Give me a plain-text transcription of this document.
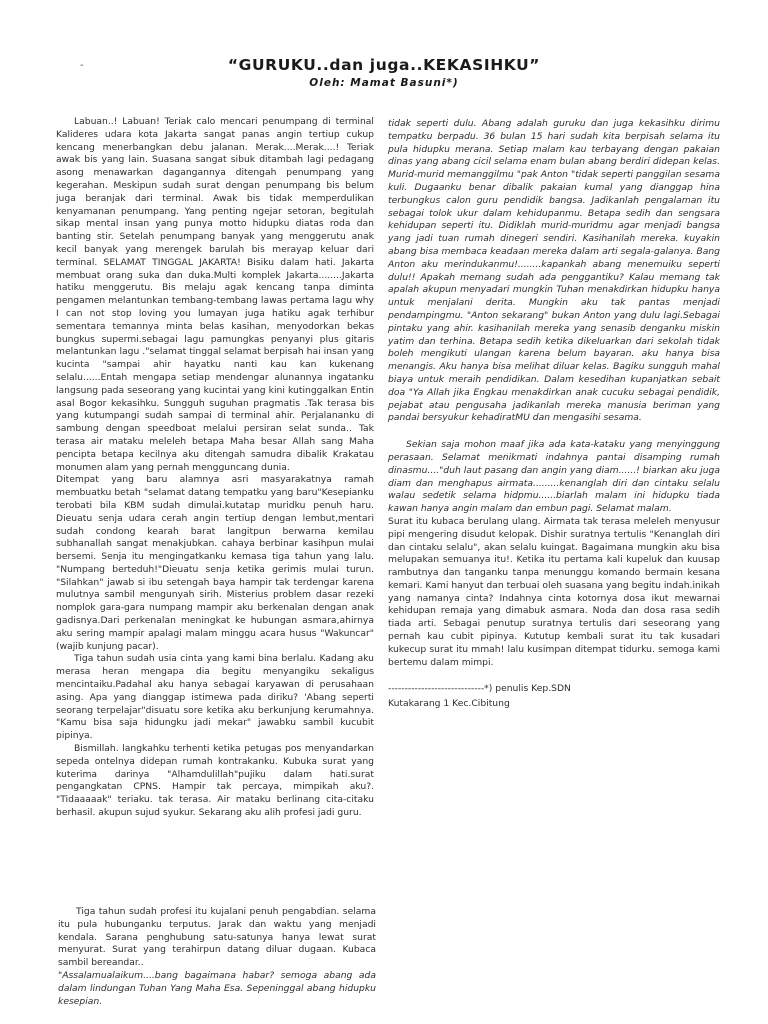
-	“GURUKU..dan juga..KEKASIHKU”
Oleh: Mamat Basuni*)

Labuan..! Labuan! Teriak calo mencari penumpang di terminal Kalideres udara kota Jakarta sangat panas angin tertiup cukup kencang menerbangkan debu jalanan. Merak....Merak....! Teriak awak bis yang lain. Suasana sangat sibuk ditambah lagi pedagang asong menawarkan dagangannya ditengah penumpang yang kegerahan. Meskipun sudah surat dengan penumpang bis belum juga beranjak dari terminal. Awak bis tidak memperdulikan kenyamanan penumpang. Yang penting ngejar setoran, begitulah sikap mental insan yang punya motto hidupku diatas roda dan banting stir. Setelah penumpang banyak yang menggerutu anak kecil banyak yang merengek barulah bis merayap keluar dari terminal. SELAMAT TINGGAL JAKARTA! Bisiku dalam hati. Jakarta membuat orang suka dan duka.Multi komplek Jakarta........Jakarta hatiku menggerutu. Bis melaju agak kencang tanpa diminta pengamen melantunkan tembang-tembang lawas pertama lagu why I can not stop loving you lumayan juga hatiku agak terhibur sementara temannya minta belas kasihan, menyodorkan bekas bungkus supermi.sebagai lagu pamungkas penyanyi plus gitaris melantunkan lagu ."selamat tinggal selamat berpisah hai insan yang kucinta "sampai ahir hayatku nanti kau kan kukenang selalu......Entah mengapa setiap mendengar alunannya ingatanku langsung pada seseorang yang kucintai yang kini kutinggalkan Entin asal Bogor kekasihku. Sungguh suguhan pragmatis .Tak terasa bis yang kutumpangi sudah sampai di terminal ahir. Perjalananku di sambung dengan speedboat melalui persiran selat sunda.. Tak terasa air mataku meleleh betapa Maha besar Allah sang Maha pencipta betapa kecilnya aku ditengah samudra dibalik Krakatau monumen alam yang pernah mengguncang dunia.

Ditempat yang baru alamnya asri masyarakatnya ramah membuatku betah "selamat datang tempatku yang baru"Kesepianku terobati bila KBM sudah dimulai.kutatap muridku penuh haru. Dieuatu senja udara cerah angin tertiup dengan lembut,mentari sudah condong kearah barat langitpun berwarna kemilau subhanallah sangat menakjubkan. cahaya berbinar kasihpun mulai bersemi. Senja itu mengingatkanku kemasa tiga tahun yang lalu. "Numpang berteduh!"Dieuatu senja ketika gerimis mulai turun. "Silahkan" jawab si ibu setengah baya hampir tak terdengar karena mulutnya sambil mengunyah sirih. Misterius problem dasar rezeki nomplok gara-gara numpang mampir aku berkenalan dengan anak gadisnya.Dari perkenalan meningkat ke hubungan asmara,ahirnya aku sering mampir apalagi malam minggu acara husus "Wakuncar"(wajib kunjung pacar).

Tiga tahun sudah usia cinta yang kami bina berlalu. Kadang aku merasa heran mengapa dia begitu menyangiku sekaligus mencintaiku.Padahal aku hanya sebagai karyawan di perusahaan asing. Apa yang dianggap istimewa pada diriku? 'Abang seperti seorang terpelajar"disuatu sore ketika aku berkunjung kerumahnya. "Kamu bisa saja hidungku jadi mekar" jawabku sambil kucubit pipinya.

Bismillah. langkahku terhenti ketika petugas pos menyandarkan sepeda ontelnya didepan rumah kontrakanku. Kubuka surat yang kuterima darinya "Alhamdulillah"pujiku dalam hati.surat pengangkatan CPNS. Hampir tak percaya, mimpikah aku?. "Tidaaaaak" teriaku. tak terasa. Air mataku berlinang cita-citaku berhasil. akupun sujud syukur. Sekarang aku alih profesi jadi guru.

Tiga tahun sudah profesi itu kujalani penuh pengabdian. selama itu pula hubunganku terputus. Jarak dan waktu yang menjadi kendala. Sarana penghubung satu-satunya hanya lewat surat menyurat. Surat yang terahirpun datang diluar dugaan. Kubaca sambil bereandar..

"Assalamualaikum....bang bagaimana habar? semoga abang ada dalam lindungan Tuhan Yang Maha Esa. Sepeninggal abang hidupku kesepian.

tidak seperti dulu. Abang adalah guruku dan juga kekasihku dirimu tempatku berpadu. 36 bulan 15 hari sudah kita berpisah selama itu pula hidupku merana. Setiap malam kau terbayang dengan pakaian dinas yang abang cicil selama enam bulan abang berdiri didepan kelas. Murid-murid memanggilmu "pak Anton "tidak seperti panggilan sesama kuli. Dugaanku benar dibalik pakaian kumal yang dianggap hina terbungkus calon guru pendidik bangsa. Jadikanlah pengalaman itu sebagai tolok ukur dalam kehidupanmu. Betapa sedih dan sengsara kehidupan seperti itu. Didiklah murid-muridmu agar menjadi bangsa yang jadi tuan rumah dinegeri sendiri. Kasihanilah mereka. kuyakin abang bisa membaca keadaan mereka dalam arti segala-galanya. Bang Anton aku merindukanmu!........kapankah abang menemuiku seperti dulu!! Apakah memang sudah ada penggantiku? Kalau memang tak apalah akupun menyadari mungkin Tuhan menakdirkan hidupku hanya untuk menjalani derita. Mungkin aku tak pantas menjadi pendampingmu. "Anton sekarang" bukan Anton yang dulu lagi.Sebagai pintaku yang ahir. kasihanilah mereka yang senasib denganku miskin yatim dan terhina. Betapa sedih ketika dikeluarkan dari sekolah tidak boleh mengikuti ulangan karena belum bayaran. aku hanya bisa menangis. Aku hanya bisa melihat diluar kelas. Bagiku sungguh mahal biaya untuk meraih pendidikan. Dalam kesedihan kupanjatkan sebait doa "Ya Allah jika Engkau menakdirkan anak cucuku sebagai pendidik, pejabat atau pengusaha jadikanlah mereka manusia beriman yang pandai bersyukur kehadiratMU dan mengasihi sesama.

Sekian saja mohon maaf jika ada kata-kataku yang menyinggung perasaan. Selamat menikmati indahnya pantai disamping rumah dinasmu...."duh laut pasang dan angin yang diam......! biarkan aku juga diam dan menghapus airmata.........kenanglah diri dan cintaku selalu walau sedetik selama hidpmu......biarlah malam ini hidupku tiada kawan hanya angin malam dan embun pagi. Selamat malam.

Surat itu kubaca berulang ulang. Airmata tak terasa meleleh menyusur pipi mengering disudut kelopak. Dishir suratnya tertulis "Kenanglah diri dan cintaku selalu", akan selalu kuingat. Bagaimana mungkin aku bisa melupakan semuanya itu!. Ketika itu pertama kali kupeluk dan kuusap rambutnya dan tanganku tanpa menunggu komando bermain kesana kemari. Kami hanyut dan terbuai oleh suasana yang begitu indah.inikah yang namanya cinta? Indahnya cinta kotornya dosa ikut mewarnai kehidupan remaja yang dimabuk asmara. Noda dan dosa rasa sedih tiada arti. Sebagai penutup suratnya tertulis dari seseorang yang pernah kau cubit pipinya. Kututup kembali surat itu tak kusadari kukecup surat itu mmah! lalu kusimpan ditempat tidurku. semoga kami bertemu dalam mimpi.

-----------------------------*) penulis Kep.SDN

Kutakarang 1 Kec.Cibitung
